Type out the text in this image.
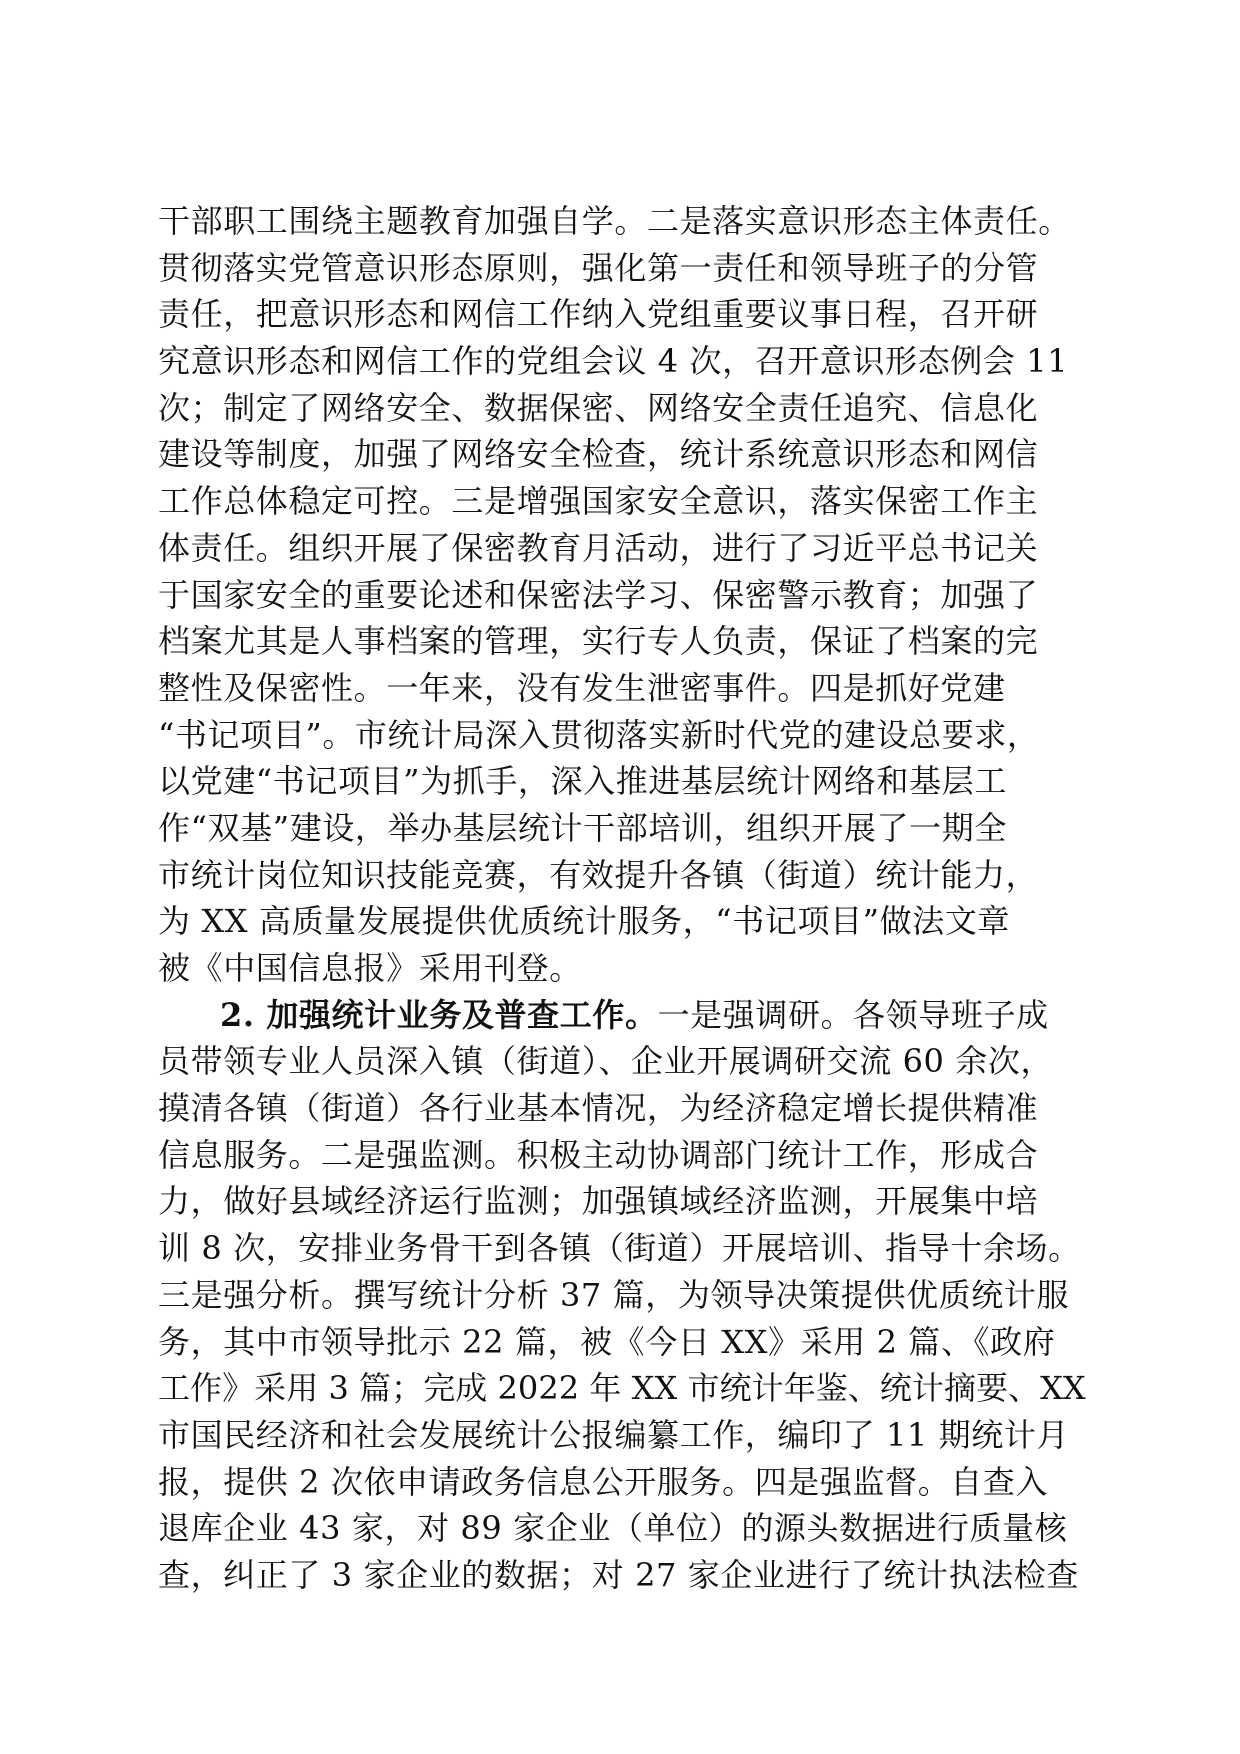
干部职工围绕主题教育加强自学。二是落实意识形态主体责任。
贯彻落实党管意识形态原则，强化第一责任和领导班子的分管
责任，把意识形态和网信工作纳入党组重要议事日程，召开研
究意识形态和网信工作的党组会议 4 次，召开意识形态例会 11
次；制定了网络安全、数据保密、网络安全责任追究、信息化
建设等制度，加强了网络安全检查，统计系统意识形态和网信
工作总体稳定可控。三是增强国家安全意识，落实保密工作主
体责任。组织开展了保密教育月活动，进行了习近平总书记关
于国家安全的重要论述和保密法学习、保密警示教育；加强了
档案尤其是人事档案的管理，实行专人负责，保证了档案的完
整性及保密性。一年来，没有发生泄密事件。四是抓好党建
“书记项目”。市统计局深入贯彻落实新时代党的建设总要求，
以党建“书记项目”为抓手，深入推进基层统计网络和基层工
作“双基”建设，举办基层统计干部培训，组织开展了一期全
市统计岗位知识技能竞赛，有效提升各镇（街道）统计能力，
为 XX 高质量发展提供优质统计服务，“书记项目”做法文章
被《中国信息报》采用刊登。
2. 加强统计业务及普查工作。一是强调研。各领导班子成
员带领专业人员深入镇（街道）、企业开展调研交流 60 余次，
摸清各镇（街道）各行业基本情况，为经济稳定增长提供精准
信息服务。二是强监测。积极主动协调部门统计工作，形成合
力，做好县域经济运行监测；加强镇域经济监测，开展集中培
训 8 次，安排业务骨干到各镇（街道）开展培训、指导十余场。
三是强分析。撰写统计分析 37 篇，为领导决策提供优质统计服
务，其中市领导批示 22 篇，被《今日 XX》采用 2 篇、《政府
工作》采用 3 篇；完成 2022 年 XX 市统计年鉴、统计摘要、XX
市国民经济和社会发展统计公报编纂工作，编印了 11 期统计月
报，提供 2 次依申请政务信息公开服务。四是强监督。自查入
退库企业 43 家，对 89 家企业（单位）的源头数据进行质量核
查，纠正了 3 家企业的数据；对 27 家企业进行了统计执法检查
